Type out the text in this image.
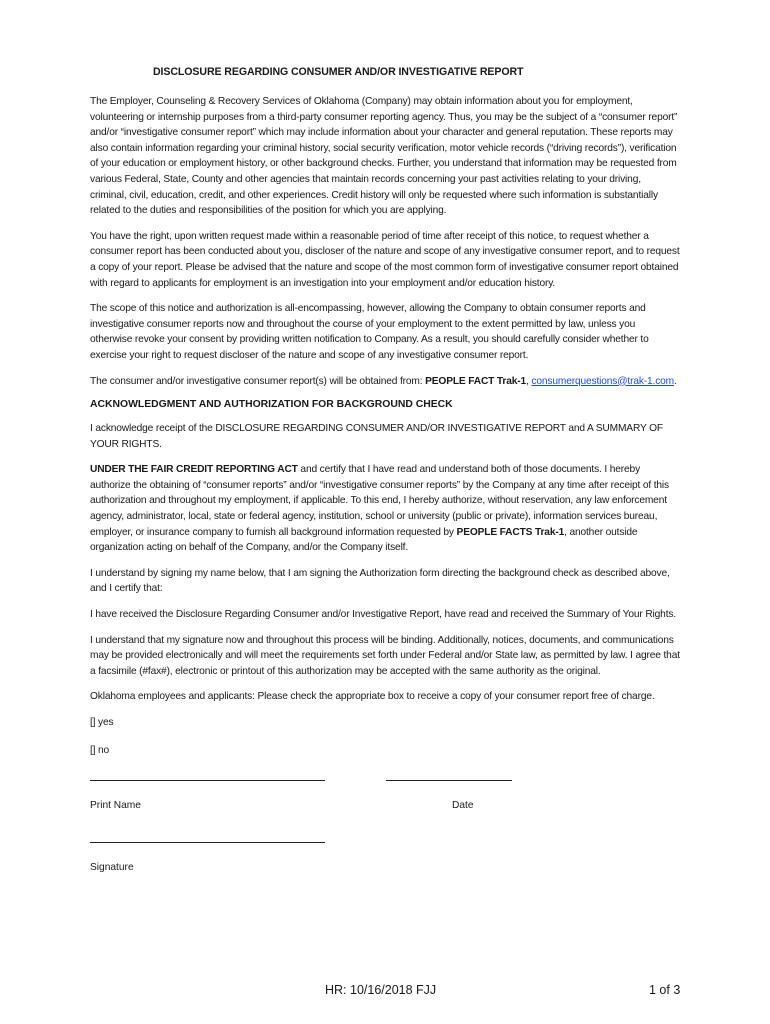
DISCLOSURE REGARDING CONSUMER AND/OR INVESTIGATIVE REPORT

The Employer, Counseling & Recovery Services of Oklahoma (Company) may obtain information about you for employment, volunteering or internship purposes from a third-party consumer reporting agency. Thus, you may be the subject of a “consumer report” and/or “investigative consumer report” which may include information about your character and general reputation. These reports may also contain information regarding your criminal history, social security verification, motor vehicle records (“driving records”), verification of your education or employment history, or other background checks. Further, you understand that information may be requested from various Federal, State, County and other agencies that maintain records concerning your past activities relating to your driving, criminal, civil, education, credit, and other experiences. Credit history will only be requested where such information is substantially related to the duties and responsibilities of the position for which you are applying.

You have the right, upon written request made within a reasonable period of time after receipt of this notice, to request whether a consumer report has been conducted about you, discloser of the nature and scope of any investigative consumer report, and to request a copy of your report. Please be advised that the nature and scope of the most common form of investigative consumer report obtained with regard to applicants for employment is an investigation into your employment and/or education history.

The scope of this notice and authorization is all-encompassing, however, allowing the Company to obtain consumer reports and investigative consumer reports now and throughout the course of your employment to the extent permitted by law, unless you otherwise revoke your consent by providing written notification to Company. As a result, you should carefully consider whether to exercise your right to request discloser of the nature and scope of any investigative consumer report.

The consumer and/or investigative consumer report(s) will be obtained from: PEOPLE FACT Trak-1, consumerquestions@trak-1.com.

ACKNOWLEDGMENT AND AUTHORIZATION FOR BACKGROUND CHECK

I acknowledge receipt of the DISCLOSURE REGARDING CONSUMER AND/OR INVESTIGATIVE REPORT and A SUMMARY OF YOUR RIGHTS.

UNDER THE FAIR CREDIT REPORTING ACT and certify that I have read and understand both of those documents. I hereby authorize the obtaining of “consumer reports” and/or “investigative consumer reports” by the Company at any time after receipt of this authorization and throughout my employment, if applicable. To this end, I hereby authorize, without reservation, any law enforcement agency, administrator, local, state or federal agency, institution, school or university (public or private), information services bureau, employer, or insurance company to furnish all background information requested by PEOPLE FACTS Trak-1, another outside organization acting on behalf of the Company, and/or the Company itself.

I understand by signing my name below, that I am signing the Authorization form directing the background check as described above, and I certify that:

I have received the Disclosure Regarding Consumer and/or Investigative Report, have read and received the Summary of Your Rights.

I understand that my signature now and throughout this process will be binding. Additionally, notices, documents, and communications may be provided electronically and will meet the requirements set forth under Federal and/or State law, as permitted by law. I agree that a facsimile (#fax#), electronic or printout of this authorization may be accepted with the same authority as the original.

Oklahoma employees and applicants: Please check the appropriate box to receive a copy of your consumer report free of charge.

[] yes

[] no

Print Name	Date
Signature
HR: 10/16/2018 FJJ	1 of 3
